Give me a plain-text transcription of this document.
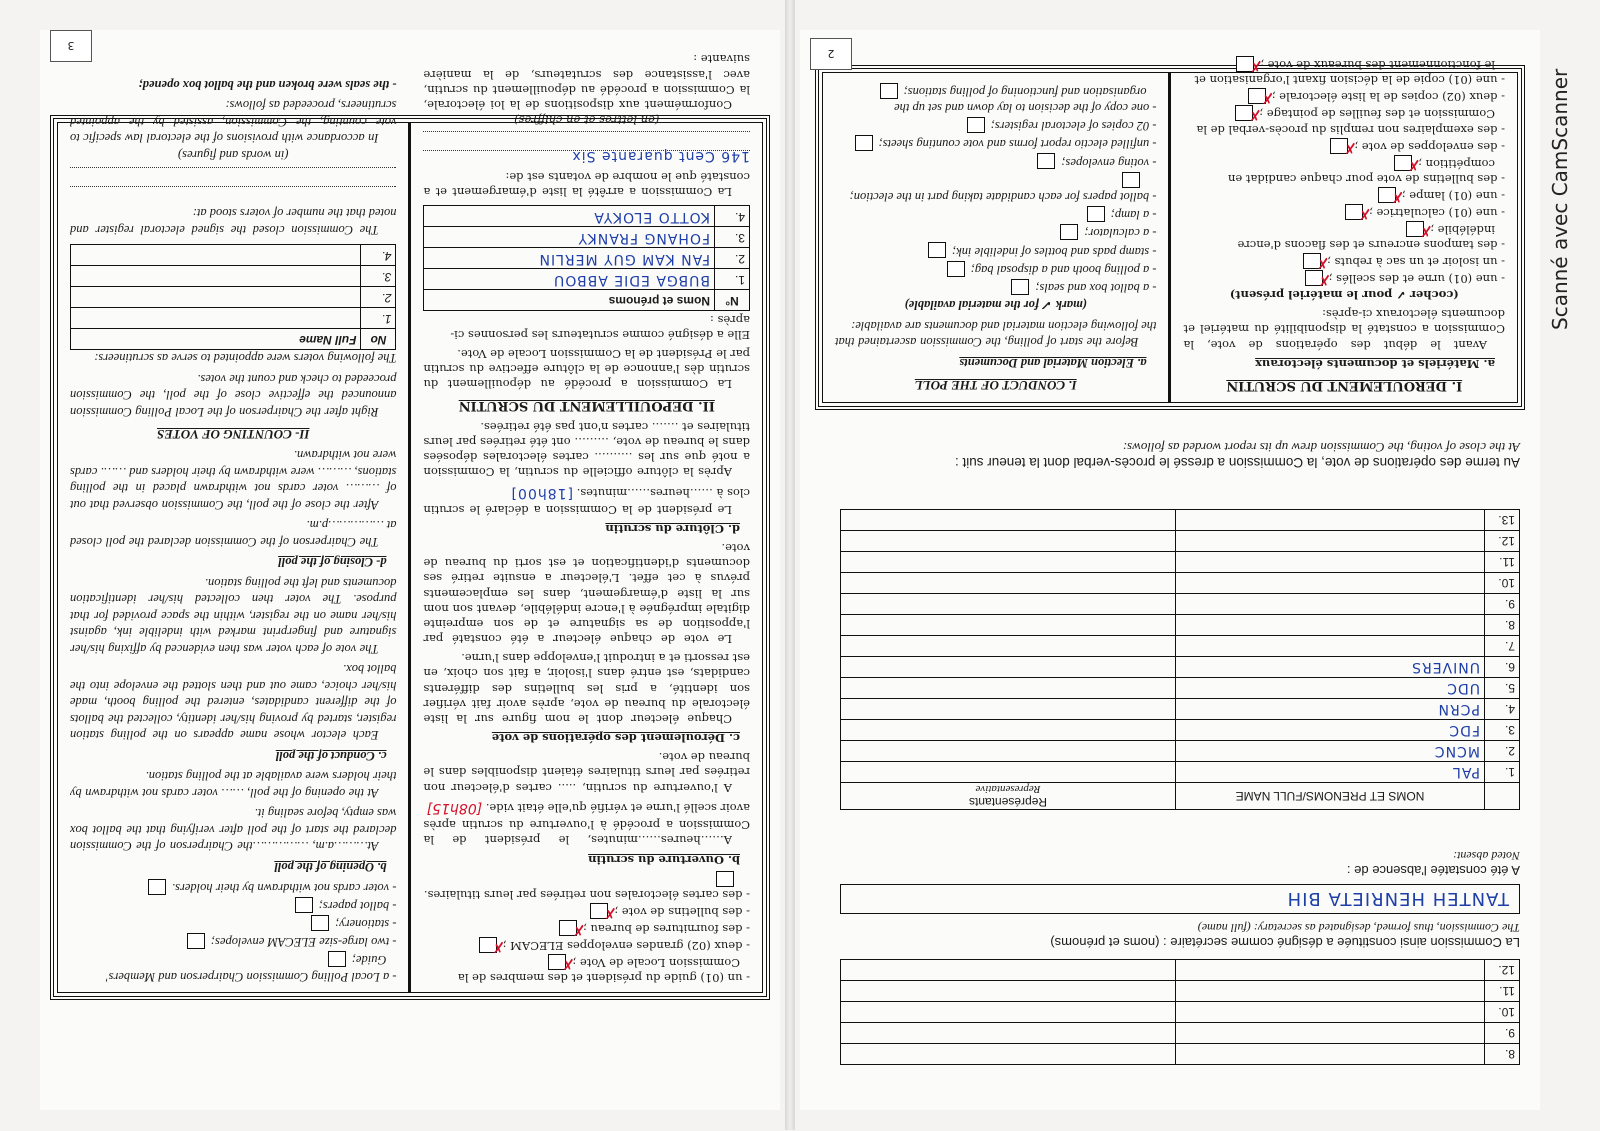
8.		
9.		
10.		
11.		
12.		
La Commission ainsi constituée a désigné comme secrétaire : (noms et prénoms)
The Commission, thus formed, designated as secretary: (full name)
TANTEH HENRIETA BIH
A été constatée l'absence de :
Noted absent:
	NOMS ET PRENOMS/FULL NAME	Représentants
Representative

1.	PAL	
2.	MCNC	
3.	FDC	
4.	PCRN	
5.	UDC	
6.	UNIVERS	
7.		
8.		
9.		
10.		
11.		
12.		
13.		
Au terme des opérations de vote, la Commission a dressé le procès-verbal dont la teneur suit :
At the close of voting, the Commission drew up its report worded as follows:
I. DEROULEMENT DU SCRUTIN
a. Matériels et documents électoraux

Avant le début des opérations de vote, la Commission a constaté la disponibilité du matériel et documents électoraux ci-après:

(cocher ✓ pour le matériel présent)
- une (01) urne et des scellés ;✗
- un isoloir et un sac à rebuts ;✗
- des tampons encreurs et des flacons d'encre indélébile ;✗
- une (01) calculatrice ;✗
- une (01) lampe ;✗
- des bulletins de vote pour chaque candidat en compétition ;✗
- des enveloppes de vote ;✗
- des exemplaires non remplis du procès-verbal de la Commission et des feuilles de pointage ;✗
- deux (02) copies de la liste électorale ;✗
- une (01) copie de la décision fixant l'organisation et le fonctionnement des bureaux de vote ;✗
I. CONDUCT OF THE POLL
a. Election Material and Documents

Before the start of polling, the Commission ascertained that the following election material and documents are available:

(mark ✓ for the material available)
- a ballot box and seals;
- a polling booth and a disposal bag;
- stamp pads and bottles of indelible ink;
- a calculator;
- a lamp;
- ballot papers for each candidate taking part in the election;
- voting envelopes;
- unfilled electio report forms and vote counting sheets;
- 02 copies of electoral registers;
- one copy of the decision to lay down and set up the organisation and functioning of polling stations;
2
- un (01) guide du président et des membres de la Commission Locale de Vote ;✗
- deux (02) grandes enveloppes ELECAM ;✗
- des fournitures de bureau ;✗
- des bulletins de vote ;✗
- des cartes électorales non retirées par leurs titulaires.
b. Ouverture du scrutin

A……heures……minutes, le président de la Commission a procédé à l'ouverture du scrutin après avoir scellé l'urne et vérifié qu'elle était vide. [08h15]

A l'ouverture du scrutin, ..... cartes d'électeur non retirées par leurs titulaires étaient disponibles dans le bureau de vote.

c. Déroulement des opérations de vote

Chaque électeur dont le nom figure sur la liste électorale du bureau de vote, après avoir fait vérifier son identité, a pris les bulletins des différents candidats, est entré dans l'isoloir, a fait son choix, en est ressorti et a introduit l'enveloppe dans l'urne.

Le vote de chaque électeur a été constaté par l'apposition de sa signature et de son empreinte digitale imprégnée à l'encre indélébile, devant son nom sur la liste d'émargement, dans les emplacements prévus à cet effet. L'électeur a ensuite retiré ses documents d'identification et est sorti du bureau de vote.

d. Clôture du scrutin

Le président de la Commission a déclaré le scrutin clos à ……heures……minutes. [18h00]

Après la clôture officielle du scrutin, la Commission a noté que sur les ………. cartes électorales déposées dans le bureau de vote, ……… ont été retirées par leurs titulaires et ……. cartes n'ont pas été retirées.

II. DEPOUILLEMENT DU SCRUTIN

La Commission a procédé au dépouillement du scrutin dès l'annonce de la clôture effective du scrutin par le Président de la Commission Locale de Vote.

Elle a désigné comme scrutateurs les personnes ci-après :
N°	Noms et prénoms
1.	BUBGA EDIE ABBOU
2.	FAN KAM GUY MERLIN
3.	FOHANG FRANKY
4.	KOTTO ELOKYA

La Commission a arrêté la liste d'émargement et a constaté que le nombre de votants est de:

146 Cent quarante Six
(en lettres et en chiffres)

Conformément aux dispositions de la loi électorale, la Commission a procédé au dépouillement du scrutin, avec l'assistance des scrutateurs, de la manière suivante :

- a Local Polling Commission Chairperson and Members' Guide;
- two large-size ELECAM envelopes;
- stationery;
- ballot papers;
- voter cards not withdrawn by their holders.
b. Opening of the poll

At………a.m, ……………the Chairperson of the Commission declared the start of the poll after verifying that the ballot box was empty, before sealing it.

At the opening of the poll, …… voter cards not withdrawn by their holders were available at the polling station.

c. Conduct of the poll

Each elector whose name appears on the polling station register, started by proving his/her identity, collected the ballots of the different candidates, entered the polling booth, made his/her choice, came out and then slotted the envelope into the ballot box.

The vote of each voter was then evidenced by affixing his/her signature and fingerprint marked with indelible ink, against his/her name on the register, within the space provided for that purpose. The voter then collected his/her identification documents and left the polling station.

d- Closing of the poll

The Chairperson of the Commission declared the poll closed at ……………p.m.

After the close of the poll, the Commission observed that out of ……… voter cards not withdrawn placed in the polling stations, ……… were withdrawn by their holders and ……. cards were not withdrawn.

II- COUNTING OF VOTES

Right after the Chairperson of the Local Polling Commission announced the effective close of the poll, the Commission proceeded to check and count the votes.

The following voters were appointed to serve as scrutineers:
No	Full Name
1.	
2.	
3.	
4.	

The Commission closed the signed electoral register and noted that the number of voters stood at:

(in words and figures)

In accordance with provisions of the electoral law specific to vote counting, the Commission, assisted by the appointed scrutineers, proceeded as follows:

- the seals were broken and the ballot box opened;
3
Scanné avec CamScanner
